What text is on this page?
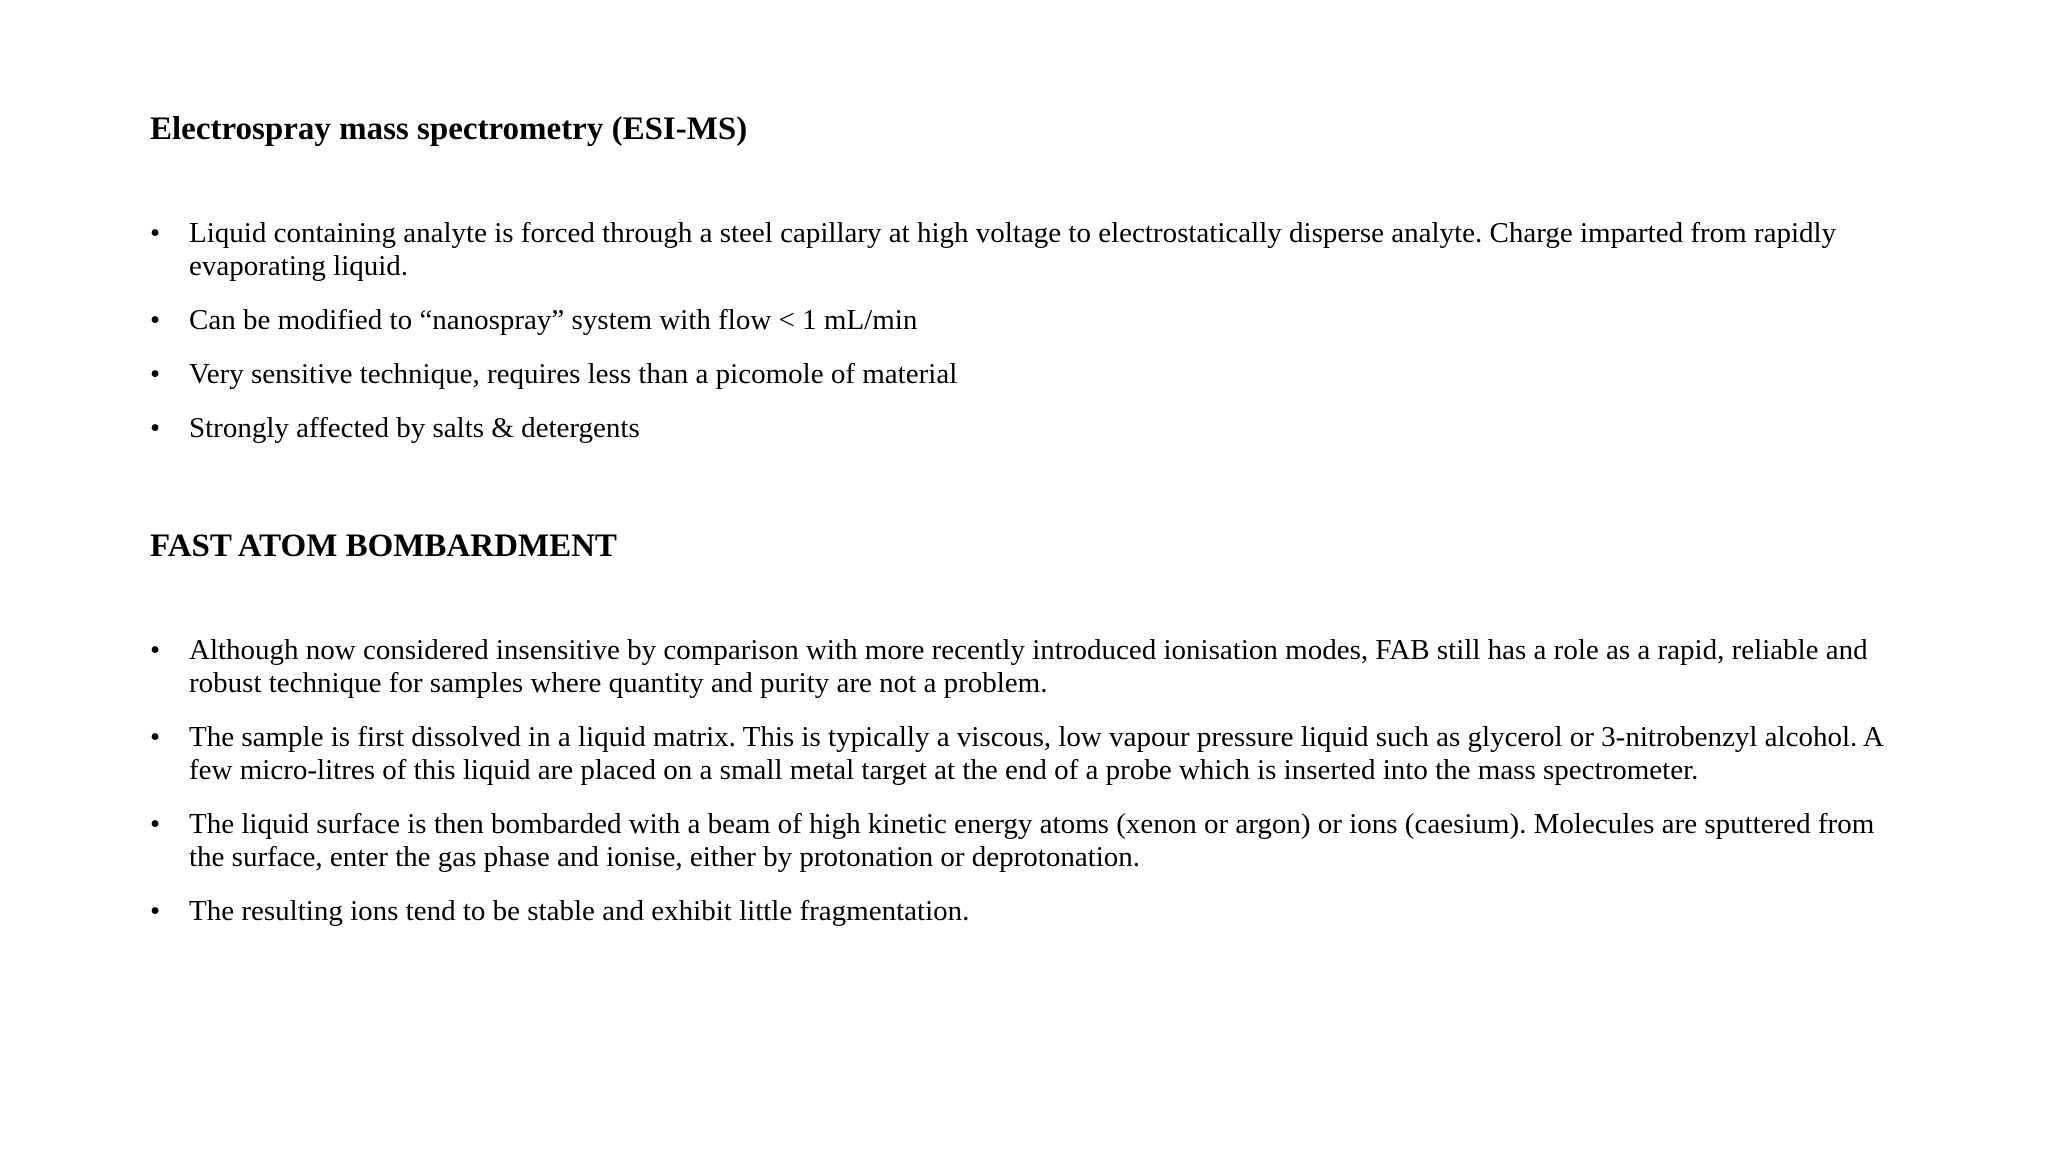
Electrospray mass spectrometry (ESI-MS)
• Liquid containing analyte is forced through a steel capillary at high voltage to electrostatically disperse analyte. Charge imparted from rapidly evaporating liquid.
• Can be modified to “nanospray” system with flow < 1 mL/min
• Very sensitive technique, requires less than a picomole of material
• Strongly affected by salts & detergents
FAST ATOM BOMBARDMENT
• Although now considered insensitive by comparison with more recently introduced ionisation modes, FAB still has a role as a rapid, reliable and robust technique for samples where quantity and purity are not a problem.
• The sample is first dissolved in a liquid matrix. This is typically a viscous, low vapour pressure liquid such as glycerol or 3-nitrobenzyl alcohol. A few micro-litres of this liquid are placed on a small metal target at the end of a probe which is inserted into the mass spectrometer.
• The liquid surface is then bombarded with a beam of high kinetic energy atoms (xenon or argon) or ions (caesium). Molecules are sputtered from the surface, enter the gas phase and ionise, either by protonation or deprotonation.
• The resulting ions tend to be stable and exhibit little fragmentation.
